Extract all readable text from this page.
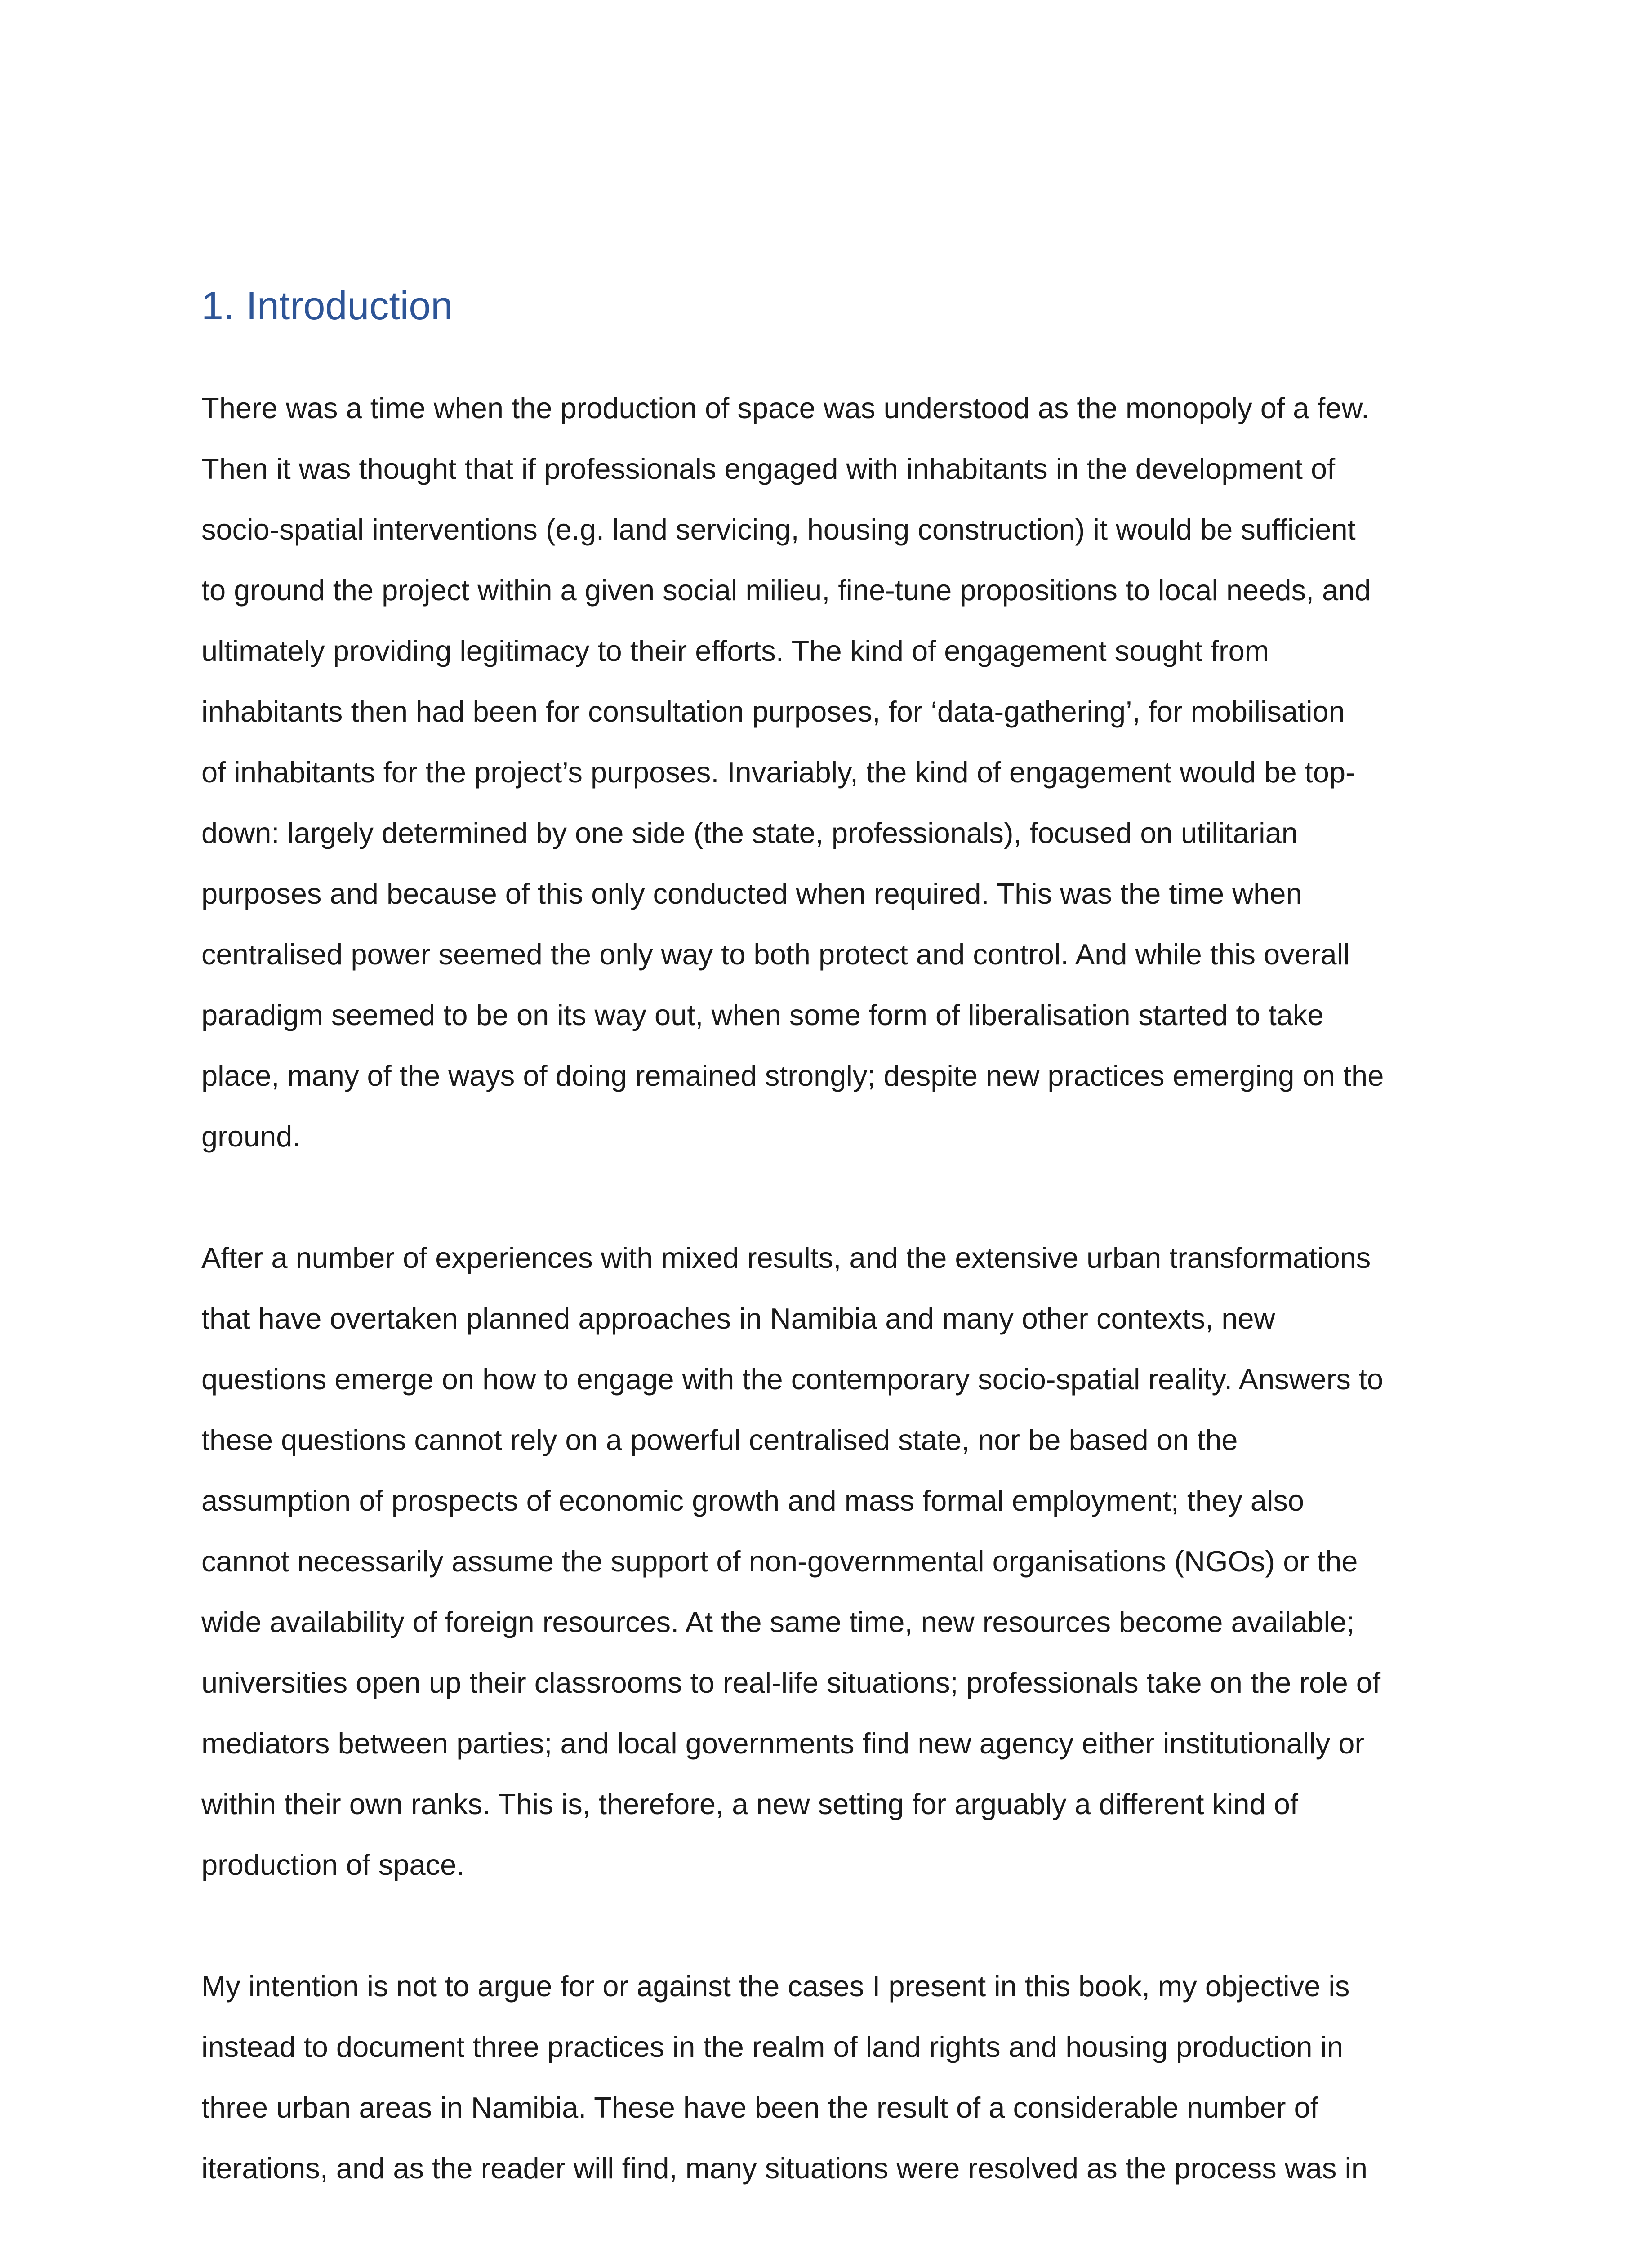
1. Introduction

There was a time when the production of space was understood as the monopoly of a few.
Then it was thought that if professionals engaged with inhabitants in the development of
socio-spatial interventions (e.g. land servicing, housing construction) it would be sufficient
to ground the project within a given social milieu, fine-tune propositions to local needs, and
ultimately providing legitimacy to their efforts. The kind of engagement sought from
inhabitants then had been for consultation purposes, for ‘data-gathering’, for mobilisation
of inhabitants for the project’s purposes. Invariably, the kind of engagement would be top-
down: largely determined by one side (the state, professionals), focused on utilitarian
purposes and because of this only conducted when required. This was the time when
centralised power seemed the only way to both protect and control. And while this overall
paradigm seemed to be on its way out, when some form of liberalisation started to take
place, many of the ways of doing remained strongly; despite new practices emerging on the
ground.

After a number of experiences with mixed results, and the extensive urban transformations
that have overtaken planned approaches in Namibia and many other contexts, new
questions emerge on how to engage with the contemporary socio-spatial reality. Answers to
these questions cannot rely on a powerful centralised state, nor be based on the
assumption of prospects of economic growth and mass formal employment; they also
cannot necessarily assume the support of non-governmental organisations (NGOs) or the
wide availability of foreign resources. At the same time, new resources become available;
universities open up their classrooms to real-life situations; professionals take on the role of
mediators between parties; and local governments find new agency either institutionally or
within their own ranks. This is, therefore, a new setting for arguably a different kind of
production of space.

My intention is not to argue for or against the cases I present in this book, my objective is
instead to document three practices in the realm of land rights and housing production in
three urban areas in Namibia. These have been the result of a considerable number of
iterations, and as the reader will find, many situations were resolved as the process was in
